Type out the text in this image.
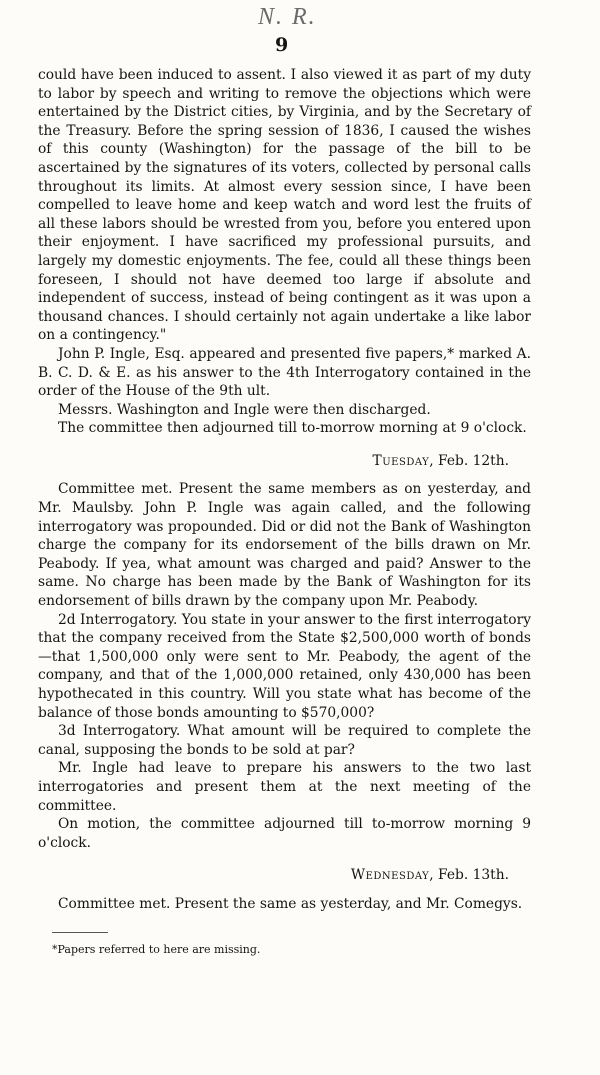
N. R.
9

could have been induced to assent. I also viewed it as part of my duty to labor by speech and writing to remove the objections which were entertained by the District cities, by Virginia, and by the Secretary of the Treasury. Before the spring session of 1836, I caused the wishes of this county (Washington) for the passage of the bill to be ascertained by the signatures of its voters, collected by personal calls throughout its limits. At almost every session since, I have been compelled to leave home and keep watch and word lest the fruits of all these labors should be wrested from you, before you entered upon their enjoyment. I have sacrificed my professional pursuits, and largely my domestic enjoyments. The fee, could all these things been foreseen, I should not have deemed too large if absolute and independent of success, instead of being contingent as it was upon a thousand chances. I should certainly not again undertake a like labor on a contingency."

John P. Ingle, Esq. appeared and presented five papers,* marked A. B. C. D. & E. as his answer to the 4th Interrogatory contained in the order of the House of the 9th ult.

Messrs. Washington and Ingle were then discharged.

The committee then adjourned till to-morrow morning at 9 o'clock.

Tuesday, Feb. 12th.

Committee met. Present the same members as on yesterday, and Mr. Maulsby. John P. Ingle was again called, and the following interrogatory was propounded. Did or did not the Bank of Washington charge the company for its endorsement of the bills drawn on Mr. Peabody. If yea, what amount was charged and paid? Answer to the same. No charge has been made by the Bank of Washington for its endorsement of bills drawn by the company upon Mr. Peabody.

2d Interrogatory. You state in your answer to the first interrogatory that the company received from the State $2,500,000 worth of bonds—that 1,500,000 only were sent to Mr. Peabody, the agent of the company, and that of the 1,000,000 retained, only 430,000 has been hypothecated in this country. Will you state what has become of the balance of those bonds amounting to $570,000?

3d Interrogatory. What amount will be required to complete the canal, supposing the bonds to be sold at par?

Mr. Ingle had leave to prepare his answers to the two last interrogatories and present them at the next meeting of the committee.

On motion, the committee adjourned till to-morrow morning 9 o'clock.

Wednesday, Feb. 13th.

Committee met. Present the same as yesterday, and Mr. Comegys.

*Papers referred to here are missing.
